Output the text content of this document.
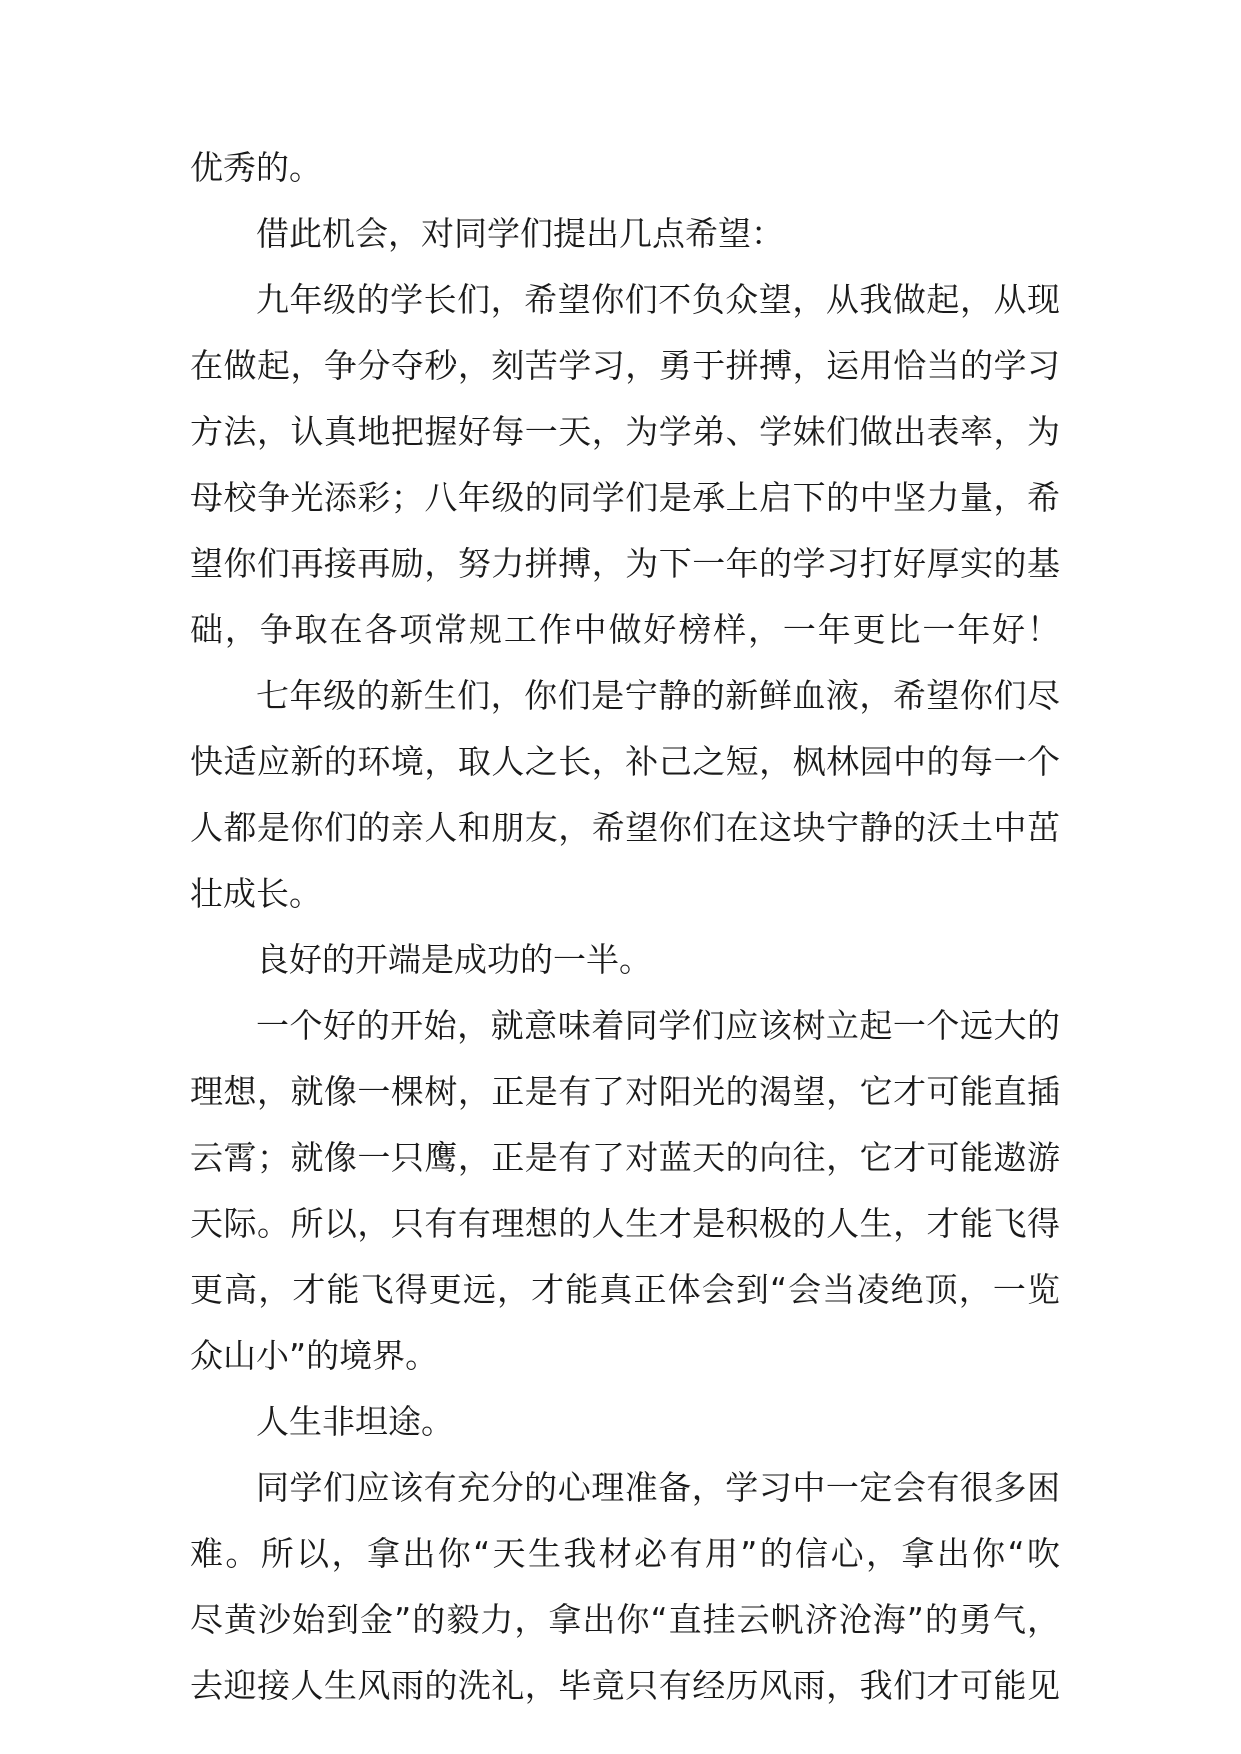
优秀的。
借此机会，对同学们提出几点希望：
九年级的学长们，希望你们不负众望，从我做起，从现
在做起，争分夺秒，刻苦学习，勇于拼搏，运用恰当的学习
方法，认真地把握好每一天，为学弟、学妹们做出表率，为
母校争光添彩；八年级的同学们是承上启下的中坚力量，希
望你们再接再励，努力拼搏，为下一年的学习打好厚实的基
础，争取在各项常规工作中做好榜样，一年更比一年好！
七年级的新生们，你们是宁静的新鲜血液，希望你们尽
快适应新的环境，取人之长，补己之短，枫林园中的每一个
人都是你们的亲人和朋友，希望你们在这块宁静的沃土中茁
壮成长。
良好的开端是成功的一半。
一个好的开始，就意味着同学们应该树立起一个远大的
理想，就像一棵树，正是有了对阳光的渴望，它才可能直插
云霄；就像一只鹰，正是有了对蓝天的向往，它才可能遨游
天际。所以，只有有理想的人生才是积极的人生，才能飞得
更高，才能飞得更远，才能真正体会到“会当凌绝顶，一览
众山小”的境界。
人生非坦途。
同学们应该有充分的心理准备，学习中一定会有很多困
难。所以，拿出你“天生我材必有用”的信心，拿出你“吹
尽黄沙始到金”的毅力，拿出你“直挂云帆济沧海”的勇气，
去迎接人生风雨的洗礼，毕竟只有经历风雨，我们才可能见
